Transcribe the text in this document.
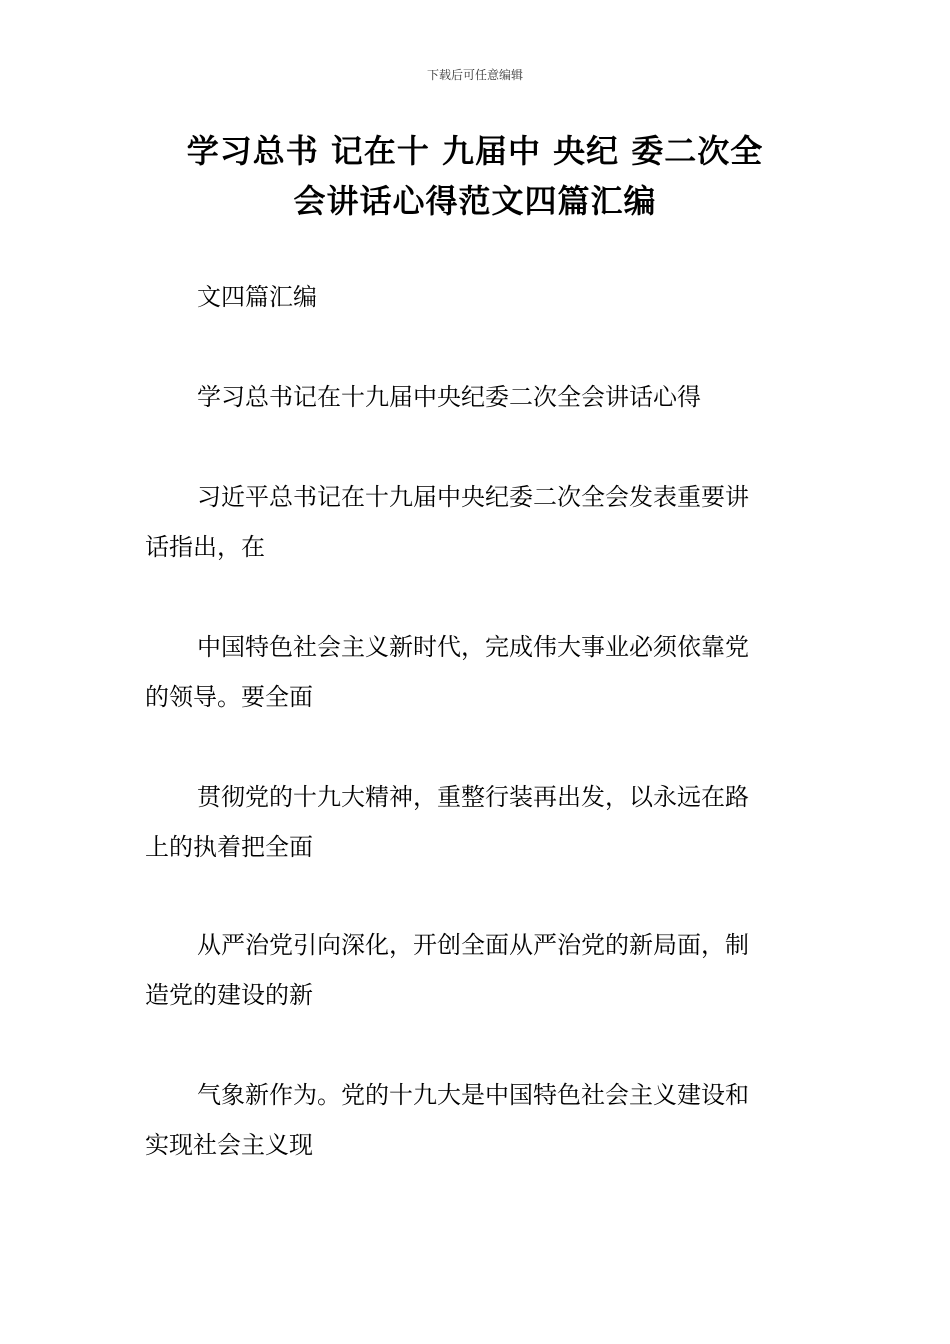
下载后可任意编辑
学习总书 记在十 九届中 央纪 委二次全
会讲话心得范文四篇汇编

文四篇汇编

学习总书记在十九届中央纪委二次全会讲话心得

习近平总书记在十九届中央纪委二次全会发表重要讲
话指出，在

中国特色社会主义新时代，完成伟大事业必须依靠党
的领导。要全面

贯彻党的十九大精神，重整行装再出发，以永远在路
上的执着把全面

从严治党引向深化，开创全面从严治党的新局面，制
造党的建设的新

气象新作为。党的十九大是中国特色社会主义建设和
实现社会主义现
